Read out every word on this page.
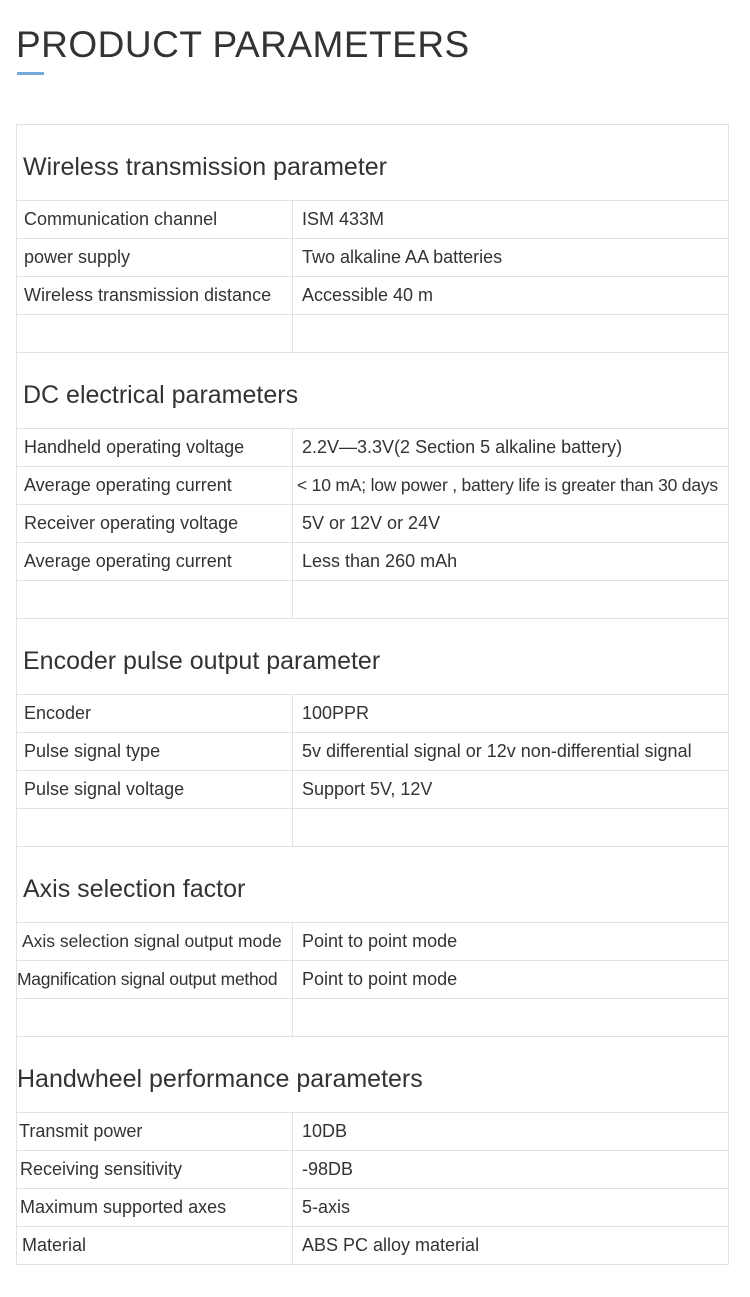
PRODUCT PARAMETERS
Wireless transmission parameter	
Communication channel	ISM 433M
power supply	Two alkaline AA batteries
Wireless transmission distance	Accessible 40 m

DC electrical parameters	
Handheld operating voltage	2.2V—3.3V(2 Section 5 alkaline battery)
Average operating current	< 10 mA; low power , battery life is greater than 30 days
Receiver operating voltage	5V or 12V or 24V
Average operating current	Less than 260 mAh

Encoder pulse output parameter	
Encoder	100PPR
Pulse signal type	5v differential signal or 12v non-differential signal
Pulse signal voltage	Support 5V, 12V

Axis selection factor	
Axis selection signal output mode	Point to point mode
Magnification signal output method	Point to point mode

Handwheel performance parameters	
Transmit power	10DB
Receiving sensitivity	-98DB
Maximum supported axes	5-axis
Material	ABS PC alloy material
